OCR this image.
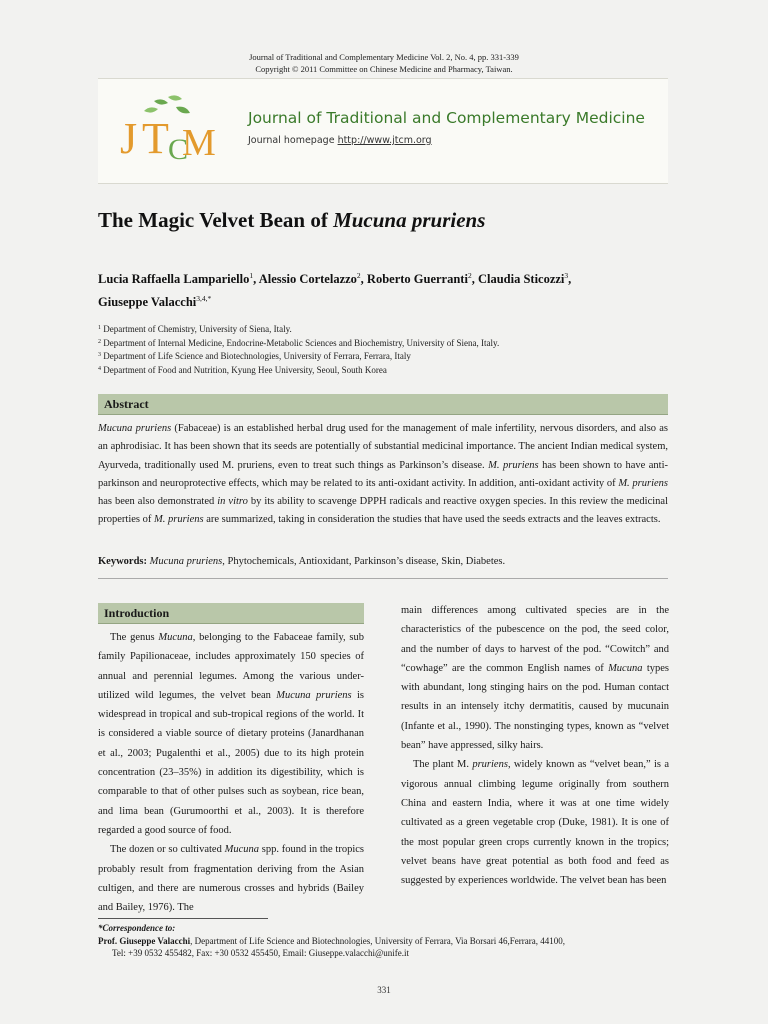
Journal of Traditional and Complementary Medicine Vol. 2, No. 4, pp. 331-339
Copyright © 2011 Committee on Chinese Medicine and Pharmacy, Taiwan.
J T C
M
Journal of Traditional and Complementary Medicine
Journal homepage http://www.jtcm.org
The Magic Velvet Bean of Mucuna pruriens
Lucia Raffaella Lampariello$^1$, Alessio Cortelazzo$^2$, Roberto Guerranti$^2$, Claudia Sticozzi$^3$,
Giuseppe Valacchi$^{3,4,*}$
$^1$ Department of Chemistry, University of Siena, Italy.
$^2$ Department of Internal Medicine, Endocrine-Metabolic Sciences and Biochemistry, University of Siena, Italy.
$^3$ Department of Life Science and Biotechnologies, University of Ferrara, Ferrara, Italy
$^4$ Department of Food and Nutrition, Kyung Hee University, Seoul, South Korea
Abstract
Mucuna pruriens (Fabaceae) is an established herbal drug used for the management of male infertility, nervous disorders, and also as an aphrodisiac. It has been shown that its seeds are potentially of substantial medicinal importance. The ancient Indian medical system, Ayurveda, traditionally used M. pruriens, even to treat such things as Parkinson’s disease. M. pruriens has been shown to have anti-parkinson and neuroprotective effects, which may be related to its anti-oxidant activity. In addition, anti-oxidant activity of M. pruriens has been also demonstrated in vitro by its ability to scavenge DPPH radicals and reactive oxygen species. In this review the medicinal properties of M. pruriens are summarized, taking in consideration the studies that have used the seeds extracts and the leaves extracts.
Keywords: Mucuna pruriens, Phytochemicals, Antioxidant, Parkinson’s disease, Skin, Diabetes.
Introduction

The genus Mucuna, belonging to the Fabaceae family, sub family Papilionaceae, includes approximately 150 species of annual and perennial legumes. Among the various under-utilized wild legumes, the velvet bean Mucuna pruriens is widespread in tropical and sub-tropical regions of the world. It is considered a viable source of dietary proteins (Janardhanan et al., 2003; Pugalenthi et al., 2005) due to its high protein concentration (23–35%) in addition its digestibility, which is comparable to that of other pulses such as soybean, rice bean, and lima bean (Gurumoorthi et al., 2003). It is therefore regarded a good source of food.

The dozen or so cultivated Mucuna spp. found in the tropics probably result from fragmentation deriving from the Asian cultigen, and there are numerous crosses and hybrids (Bailey and Bailey, 1976). The

main differences among cultivated species are in the characteristics of the pubescence on the pod, the seed color, and the number of days to harvest of the pod. “Cowitch” and “cowhage” are the common English names of Mucuna types with abundant, long stinging hairs on the pod. Human contact results in an intensely itchy dermatitis, caused by mucunain (Infante et al., 1990). The nonstinging types, known as “velvet bean” have appressed, silky hairs.

The plant M. pruriens, widely known as “velvet bean,” is a vigorous annual climbing legume originally from southern China and eastern India, where it was at one time widely cultivated as a green vegetable crop (Duke, 1981). It is one of the most popular green crops currently known in the tropics; velvet beans have great potential as both food and feed as suggested by experiences worldwide. The velvet bean has been

*Correspondence to:
Prof. Giuseppe Valacchi, Department of Life Science and Biotechnologies, University of Ferrara, Via Borsari 46,Ferrara, 44100,
Tel: +39 0532 455482, Fax: +30 0532 455450, Email: Giuseppe.valacchi@unife.it
331
